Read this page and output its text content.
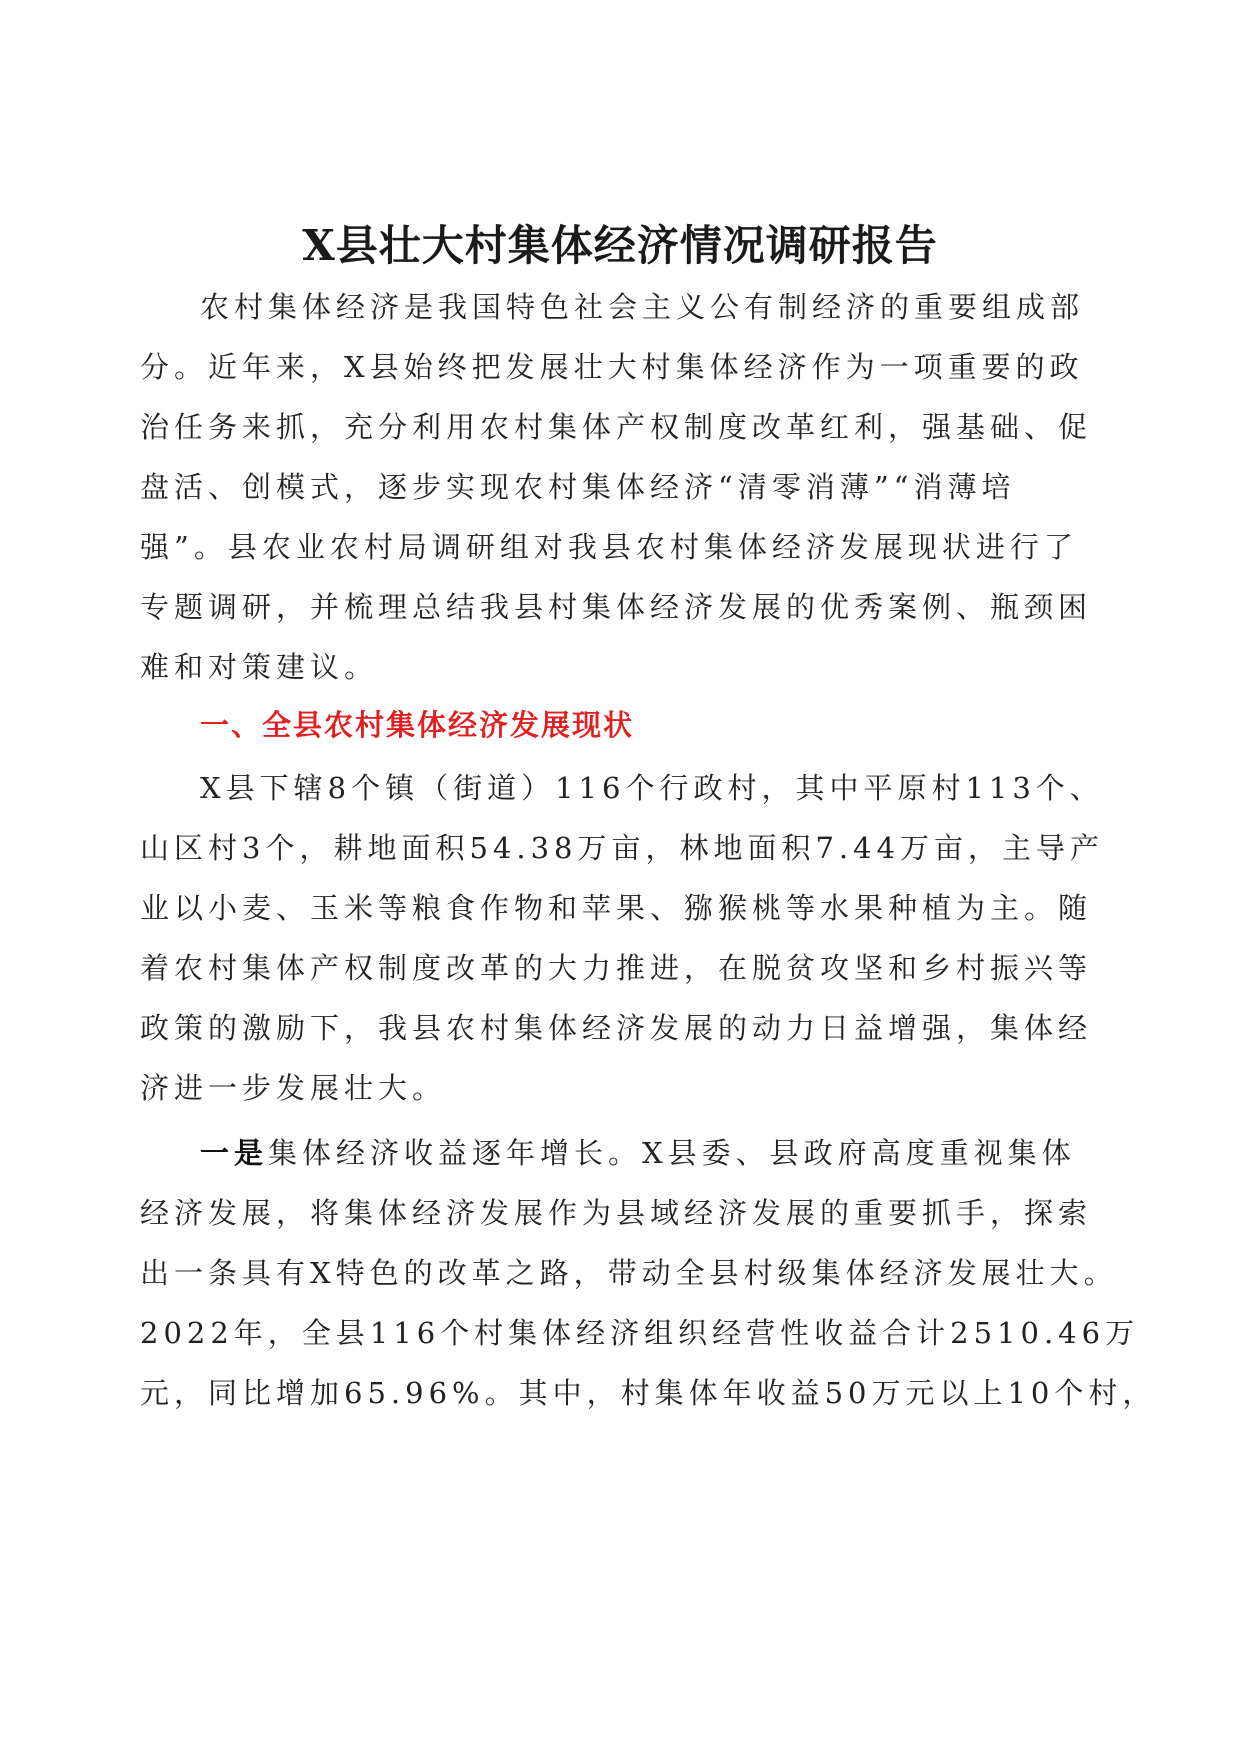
X县壮大村集体经济情况调研报告
农村集体经济是我国特色社会主义公有制经济的重要组成部
分。近年来，X县始终把发展壮大村集体经济作为一项重要的政
治任务来抓，充分利用农村集体产权制度改革红利，强基础、促
盘活、创模式，逐步实现农村集体经济“清零消薄”“消薄培
强”。县农业农村局调研组对我县农村集体经济发展现状进行了
专题调研，并梳理总结我县村集体经济发展的优秀案例、瓶颈困
难和对策建议。
一、全县农村集体经济发展现状
X县下辖8个镇（街道）116个行政村，其中平原村113个、
山区村3个，耕地面积54.38万亩，林地面积7.44万亩，主导产
业以小麦、玉米等粮食作物和苹果、猕猴桃等水果种植为主。随
着农村集体产权制度改革的大力推进，在脱贫攻坚和乡村振兴等
政策的激励下，我县农村集体经济发展的动力日益增强，集体经
济进一步发展壮大。
一是集体经济收益逐年增长。X县委、县政府高度重视集体
经济发展，将集体经济发展作为县域经济发展的重要抓手，探索
出一条具有X特色的改革之路，带动全县村级集体经济发展壮大。
2022年，全县116个村集体经济组织经营性收益合计2510.46万
元，同比增加65.96%。其中，村集体年收益50万元以上10个村，
